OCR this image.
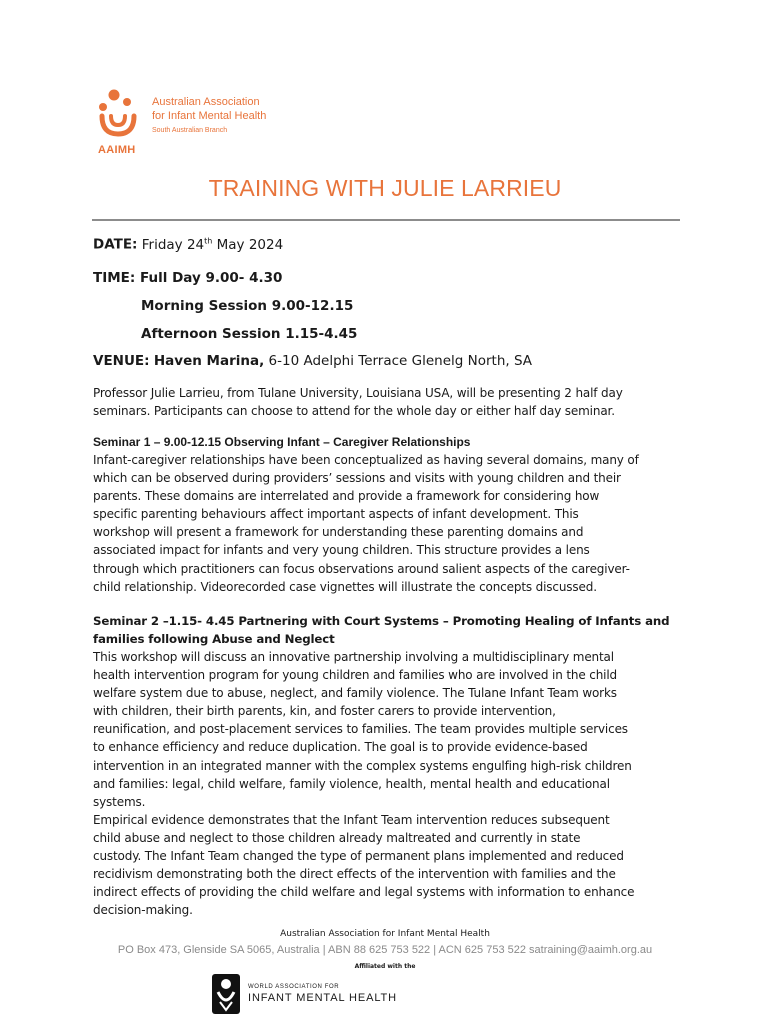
Australian Association
for Infant Mental Health
South Australian Branch
AAIMH
TRAINING WITH JULIE LARRIEU
DATE: Friday 24th May 2024
TIME: Full Day 9.00- 4.30
Morning Session 9.00-12.15
Afternoon Session 1.15-4.45
VENUE: Haven Marina, 6-10 Adelphi Terrace Glenelg North, SA
Professor Julie Larrieu, from Tulane University, Louisiana USA, will be presenting 2 half day
seminars. Participants can choose to attend for the whole day or either half day seminar.
Seminar 1 – 9.00-12.15 Observing Infant – Caregiver Relationships
Infant-caregiver relationships have been conceptualized as having several domains, many of
which can be observed during providers’ sessions and visits with young children and their
parents. These domains are interrelated and provide a framework for considering how
specific parenting behaviours affect important aspects of infant development. This
workshop will present a framework for understanding these parenting domains and
associated impact for infants and very young children. This structure provides a lens
through which practitioners can focus observations around salient aspects of the caregiver-
child relationship. Videorecorded case vignettes will illustrate the concepts discussed.
Seminar 2 –1.15- 4.45 Partnering with Court Systems – Promoting Healing of Infants and
families following Abuse and Neglect
This workshop will discuss an innovative partnership involving a multidisciplinary mental
health intervention program for young children and families who are involved in the child
welfare system due to abuse, neglect, and family violence. The Tulane Infant Team works
with children, their birth parents, kin, and foster carers to provide intervention,
reunification, and post-placement services to families. The team provides multiple services
to enhance efficiency and reduce duplication. The goal is to provide evidence-based
intervention in an integrated manner with the complex systems engulfing high-risk children
and families: legal, child welfare, family violence, health, mental health and educational
systems.
Empirical evidence demonstrates that the Infant Team intervention reduces subsequent
child abuse and neglect to those children already maltreated and currently in state
custody. The Infant Team changed the type of permanent plans implemented and reduced
recidivism demonstrating both the direct effects of the intervention with families and the
indirect effects of providing the child welfare and legal systems with information to enhance
decision-making.
Australian Association for Infant Mental Health
PO Box 473, Glenside SA 5065, Australia | ABN 88 625 753 522 | ACN 625 753 522 satraining@aaimh.org.au
Affiliated with the
WORLD ASSOCIATION FOR
INFANT MENTAL HEALTH
